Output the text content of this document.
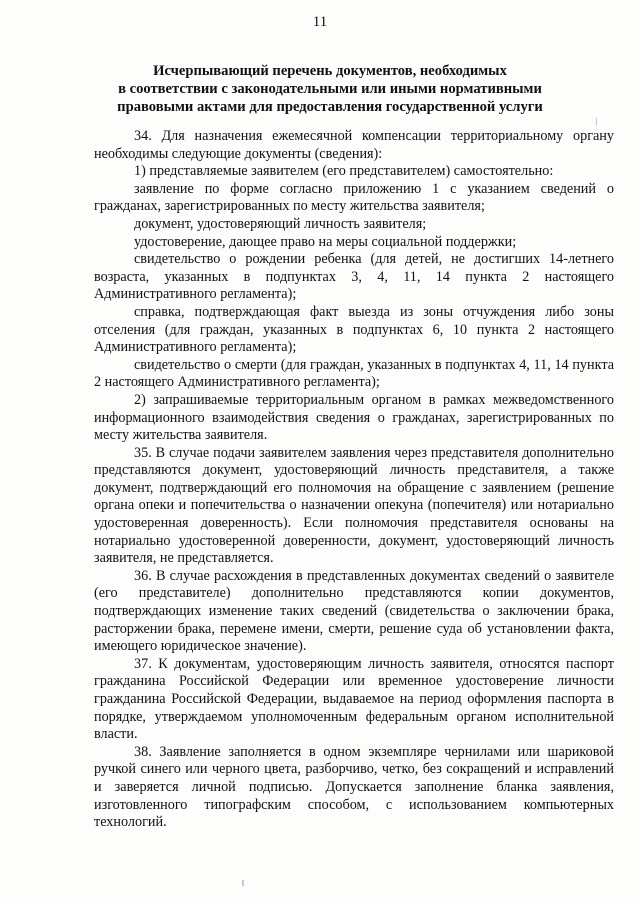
11
Исчерпывающий перечень документов, необходимых
в соответствии с законодательными или иными нормативными
правовыми актами для предоставления государственной услуги

34. Для назначения ежемесячной компенсации территориальному органу необходимы следующие документы (сведения):

1) представляемые заявителем (его представителем) самостоятельно:

заявление по форме согласно приложению 1 с указанием сведений о гражданах, зарегистрированных по месту жительства заявителя;

документ, удостоверяющий личность заявителя;

удостоверение, дающее право на меры социальной поддержки;

свидетельство о рождении ребенка (для детей, не достигших 14-летнего возраста, указанных в подпунктах 3, 4, 11, 14 пункта 2 настоящего Административного регламента);

справка, подтверждающая факт выезда из зоны отчуждения либо зоны отселения (для граждан, указанных в подпунктах 6, 10 пункта 2 настоящего Административного регламента);

свидетельство о смерти (для граждан, указанных в подпунктах 4, 11, 14 пункта 2 настоящего Административного регламента);

2) запрашиваемые территориальным органом в рамках межведомственного информационного взаимодействия сведения о гражданах, зарегистрированных по месту жительства заявителя.

35. В случае подачи заявителем заявления через представителя дополнительно представляются документ, удостоверяющий личность представителя, а также документ, подтверждающий его полномочия на обращение с заявлением (решение органа опеки и попечительства о назначении опекуна (попечителя) или нотариально удостоверенная доверенность). Если полномочия представителя основаны на нотариально удостоверенной доверенности, документ, удостоверяющий личность заявителя, не представляется.

36. В случае расхождения в представленных документах сведений о заявителе (его представителе) дополнительно представляются копии документов, подтверждающих изменение таких сведений (свидетельства о заключении брака, расторжении брака, перемене имени, смерти, решение суда об установлении факта, имеющего юридическое значение).

37. К документам, удостоверяющим личность заявителя, относятся паспорт гражданина Российской Федерации или временное удостоверение личности гражданина Российской Федерации, выдаваемое на период оформления паспорта в порядке, утверждаемом уполномоченным федеральным органом исполнительной власти.

38. Заявление заполняется в одном экземпляре чернилами или шариковой ручкой синего или черного цвета, разборчиво, четко, без сокращений и исправлений и заверяется личной подписью. Допускается заполнение бланка заявления, изготовленного типографским способом, с использованием компьютерных технологий.
